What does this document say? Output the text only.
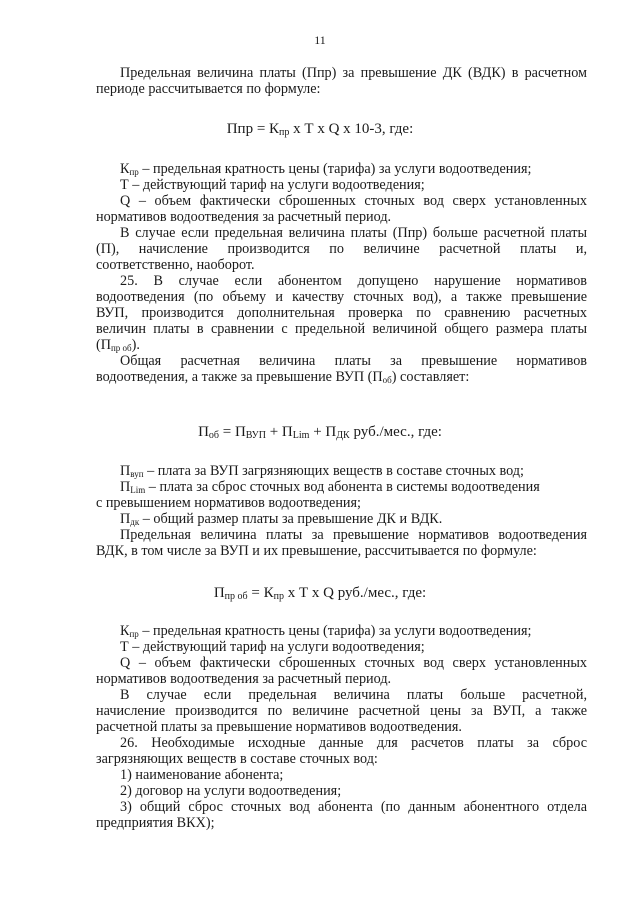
11
Предельная величина платы (Ппр) за превышение ДК (ВДК) в расчетном
периоде рассчитывается по формуле:
Ппр = $К_{пр}$ х Т х Q х 10-3, где:
$К_{пр}$ – предельная кратность цены (тарифа) за услуги водоотведения;
Т – действующий тариф на услуги водоотведения;
Q – объем фактически сброшенных сточных вод сверх установленных
нормативов водоотведения за расчетный период.
В случае если предельная величина платы (Ппр) больше расчетной платы
(П), начисление производится по величине расчетной платы и,
соответственно, наоборот.
25. В случае если абонентом допущено нарушение нормативов
водоотведения (по объему и качеству сточных вод), а также превышение
ВУП, производится дополнительная проверка по сравнению расчетных
величин платы в сравнении с предельной величиной общего размера платы
$(П_{пр об})$.
Общая расчетная величина платы за превышение нормативов
водоотведения, а также за превышение ВУП $(П_{об})$ составляет:
$П_{об} = П_{ВУП} + П_{Lim} + П_{ДК}$ руб./мес., где:
$П_{вуп}$ – плата за ВУП загрязняющих веществ в составе сточных вод;
$П_{Lim}$ – плата за сброс сточных вод абонента в системы водоотведения
с превышением нормативов водоотведения;
$П_{дк}$ – общий размер платы за превышение ДК и ВДК.
Предельная величина платы за превышение нормативов водоотведения
ВДК, в том числе за ВУП и их превышение, рассчитывается по формуле:
$П_{пр об} = К_{пр}$ х Т х Q руб./мес., где:
$К_{пр}$ – предельная кратность цены (тарифа) за услуги водоотведения;
Т – действующий тариф на услуги водоотведения;
Q – объем фактически сброшенных сточных вод сверх установленных
нормативов водоотведения за расчетный период.
В случае если предельная величина платы больше расчетной,
начисление производится по величине расчетной цены за ВУП, а также
расчетной платы за превышение нормативов водоотведения.
26. Необходимые исходные данные для расчетов платы за сброс
загрязняющих веществ в составе сточных вод:
1) наименование абонента;
2) договор на услуги водоотведения;
3) общий сброс сточных вод абонента (по данным абонентного отдела
предприятия ВКХ);
